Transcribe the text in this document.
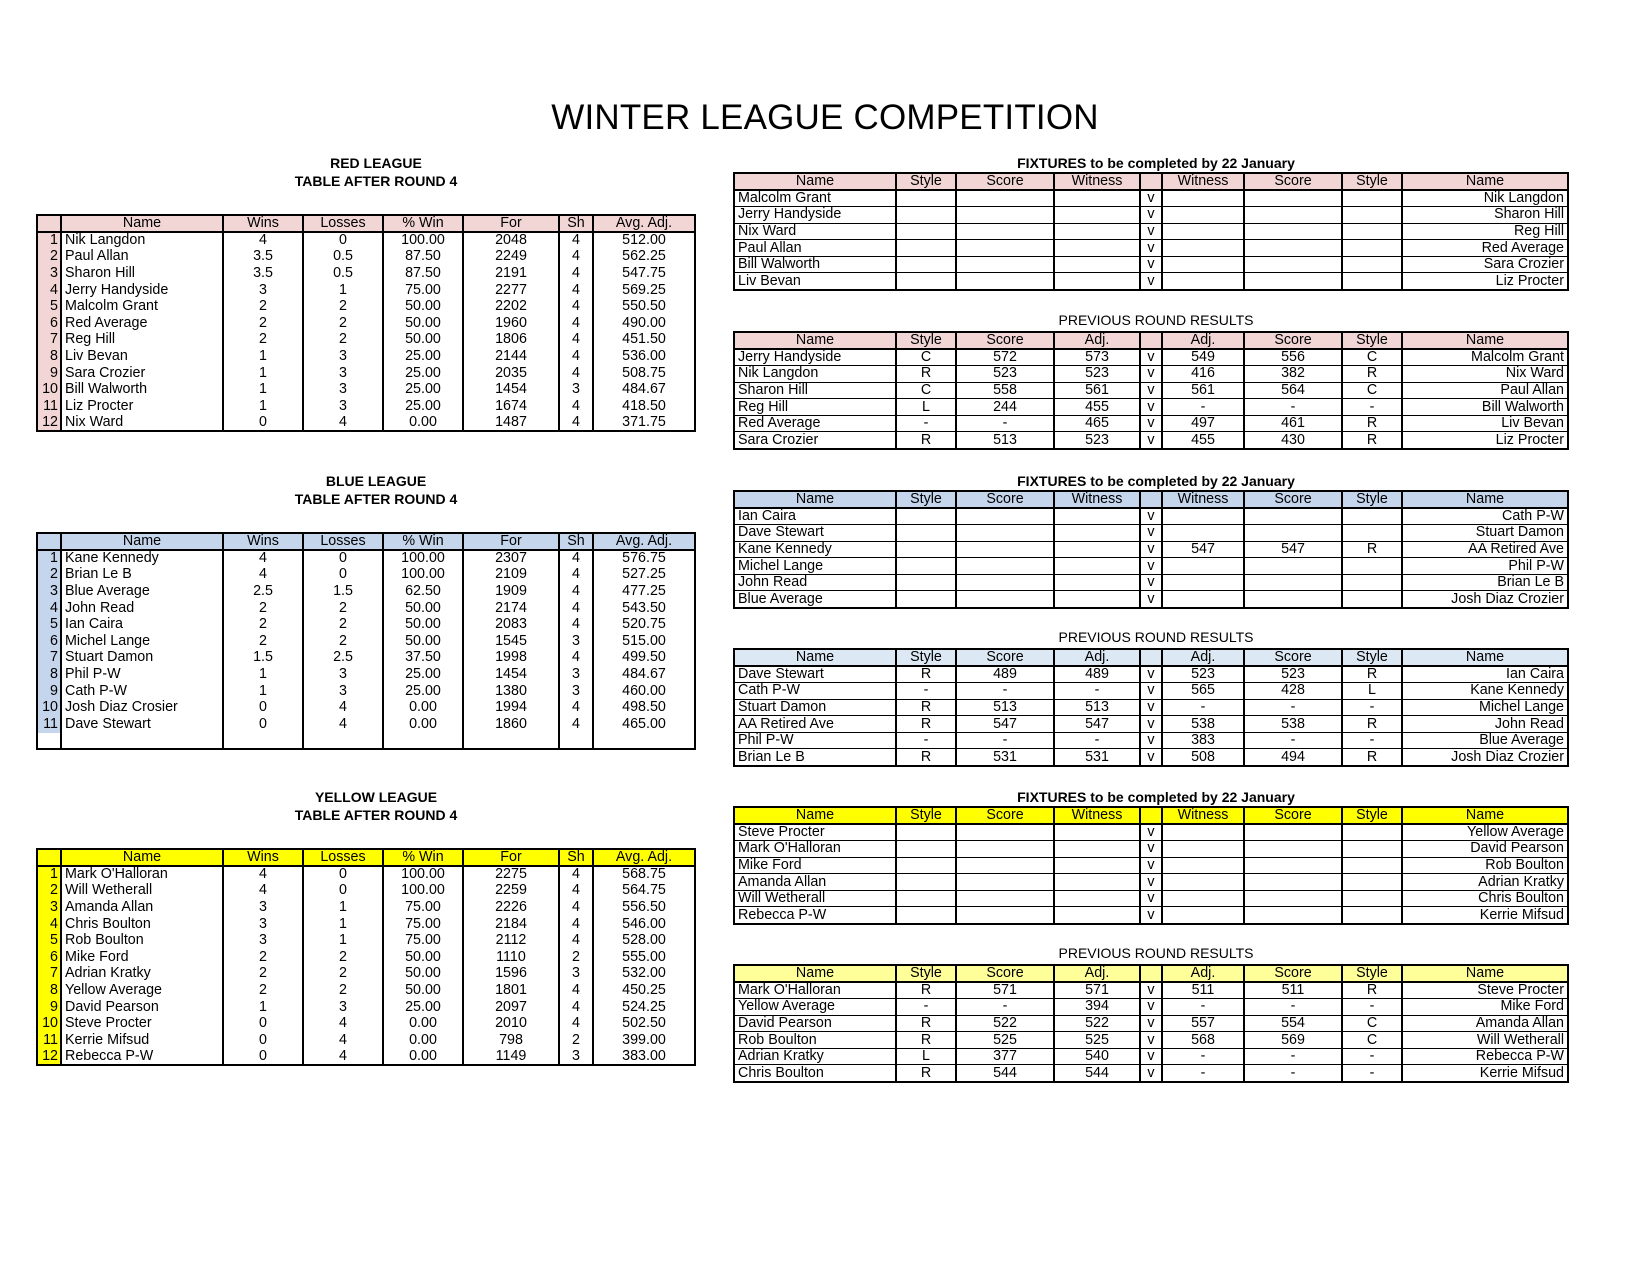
WINTER LEAGUE COMPETITION
RED LEAGUE
TABLE AFTER ROUND 4
	Name	Wins	Losses	% Win	For	Sh	Avg. Adj.
1	Nik Langdon	4	0	100.00	2048	4	512.00
2	Paul Allan	3.5	0.5	87.50	2249	4	562.25
3	Sharon Hill	3.5	0.5	87.50	2191	4	547.75
4	Jerry Handyside	3	1	75.00	2277	4	569.25
5	Malcolm Grant	2	2	50.00	2202	4	550.50
6	Red Average	2	2	50.00	1960	4	490.00
7	Reg Hill	2	2	50.00	1806	4	451.50
8	Liv Bevan	1	3	25.00	2144	4	536.00
9	Sara Crozier	1	3	25.00	2035	4	508.75
10	Bill Walworth	1	3	25.00	1454	3	484.67
11	Liz Procter	1	3	25.00	1674	4	418.50
12	Nix Ward	0	4	0.00	1487	4	371.75
FIXTURES to be completed by 22 January
Name	Style	Score	Witness		Witness	Score	Style	Name
Malcolm Grant				v				Nik Langdon
Jerry Handyside				v				Sharon Hill
Nix Ward				v				Reg Hill
Paul Allan				v				Red Average
Bill Walworth				v				Sara Crozier
Liv Bevan				v				Liz Procter
PREVIOUS ROUND RESULTS
Name	Style	Score	Adj.		Adj.	Score	Style	Name
Jerry Handyside	C	572	573	v	549	556	C	Malcolm Grant
Nik Langdon	R	523	523	v	416	382	R	Nix Ward
Sharon Hill	C	558	561	v	561	564	C	Paul Allan
Reg Hill	L	244	455	v	-	-	-	Bill Walworth
Red Average	-	-	465	v	497	461	R	Liv Bevan
Sara Crozier	R	513	523	v	455	430	R	Liz Procter
BLUE LEAGUE
TABLE AFTER ROUND 4
	Name	Wins	Losses	% Win	For	Sh	Avg. Adj.
1	Kane Kennedy	4	0	100.00	2307	4	576.75
2	Brian Le B	4	0	100.00	2109	4	527.25
3	Blue Average	2.5	1.5	62.50	1909	4	477.25
4	John Read	2	2	50.00	2174	4	543.50
5	Ian Caira	2	2	50.00	2083	4	520.75
6	Michel Lange	2	2	50.00	1545	3	515.00
7	Stuart Damon	1.5	2.5	37.50	1998	4	499.50
8	Phil P-W	1	3	25.00	1454	3	484.67
9	Cath P-W	1	3	25.00	1380	3	460.00
10	Josh Diaz Crosier	0	4	0.00	1994	4	498.50
11	Dave Stewart	0	4	0.00	1860	4	465.00

FIXTURES to be completed by 22 January
Name	Style	Score	Witness		Witness	Score	Style	Name
Ian Caira				v				Cath P-W
Dave Stewart				v				Stuart Damon
Kane Kennedy				v	547	547	R	AA Retired Ave
Michel Lange				v				Phil P-W
John Read				v				Brian Le B
Blue Average				v				Josh Diaz Crozier
PREVIOUS ROUND RESULTS
Name	Style	Score	Adj.		Adj.	Score	Style	Name
Dave Stewart	R	489	489	v	523	523	R	Ian Caira
Cath P-W	-	-	-	v	565	428	L	Kane Kennedy
Stuart Damon	R	513	513	v	-	-	-	Michel Lange
AA Retired Ave	R	547	547	v	538	538	R	John Read
Phil P-W	-	-	-	v	383	-	-	Blue Average
Brian Le B	R	531	531	v	508	494	R	Josh Diaz Crozier
YELLOW LEAGUE
TABLE AFTER ROUND 4
	Name	Wins	Losses	% Win	For	Sh	Avg. Adj.
1	Mark O'Halloran	4	0	100.00	2275	4	568.75
2	Will Wetherall	4	0	100.00	2259	4	564.75
3	Amanda Allan	3	1	75.00	2226	4	556.50
4	Chris Boulton	3	1	75.00	2184	4	546.00
5	Rob Boulton	3	1	75.00	2112	4	528.00
6	Mike Ford	2	2	50.00	1110	2	555.00
7	Adrian Kratky	2	2	50.00	1596	3	532.00
8	Yellow Average	2	2	50.00	1801	4	450.25
9	David Pearson	1	3	25.00	2097	4	524.25
10	Steve Procter	0	4	0.00	2010	4	502.50
11	Kerrie Mifsud	0	4	0.00	798	2	399.00
12	Rebecca P-W	0	4	0.00	1149	3	383.00
FIXTURES to be completed by 22 January
Name	Style	Score	Witness		Witness	Score	Style	Name
Steve Procter				v				Yellow Average
Mark O'Halloran				v				David Pearson
Mike Ford				v				Rob Boulton
Amanda Allan				v				Adrian Kratky
Will Wetherall				v				Chris Boulton
Rebecca P-W				v				Kerrie Mifsud
PREVIOUS ROUND RESULTS
Name	Style	Score	Adj.		Adj.	Score	Style	Name
Mark O'Halloran	R	571	571	v	511	511	R	Steve Procter
Yellow Average	-	-	394	v	-	-	-	Mike Ford
David Pearson	R	522	522	v	557	554	C	Amanda Allan
Rob Boulton	R	525	525	v	568	569	C	Will Wetherall
Adrian Kratky	L	377	540	v	-	-	-	Rebecca P-W
Chris Boulton	R	544	544	v	-	-	-	Kerrie Mifsud
